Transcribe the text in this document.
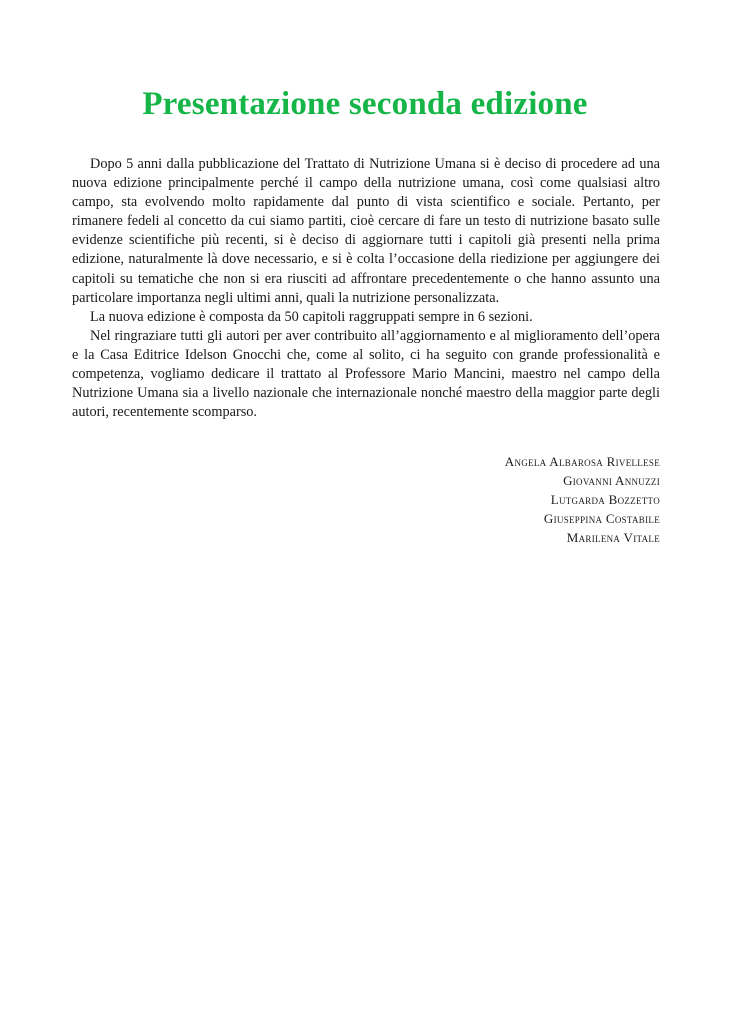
Presentazione seconda edizione

Dopo 5 anni dalla pubblicazione del Trattato di Nutrizione Umana si è deciso di procedere ad una nuova edizione principalmente perché il campo della nutrizione umana, così come qualsiasi altro campo, sta evolvendo molto rapidamente dal punto di vista scientifico e sociale. Pertanto, per rimanere fedeli al concetto da cui siamo partiti, cioè cercare di fare un testo di nutrizione basato sulle evidenze scientifiche più recenti, si è deciso di aggiornare tutti i capitoli già presenti nella prima edizione, naturalmente là dove necessario, e si è colta l’occasione della riedizione per aggiungere dei capitoli su tematiche che non si era riusciti ad affrontare precedentemente o che hanno assunto una particolare importanza negli ultimi anni, quali la nutrizione personalizzata.

La nuova edizione è composta da 50 capitoli raggruppati sempre in 6 sezioni.

Nel ringraziare tutti gli autori per aver contribuito all’aggiornamento e al miglioramento dell’opera e la Casa Editrice Idelson Gnocchi che, come al solito, ci ha seguito con grande professionalità e competenza, vogliamo dedicare il trattato al Professore Mario Mancini, maestro nel campo della Nutrizione Umana sia a livello nazionale che internazionale nonché maestro della maggior parte degli autori, recentemente scomparso.

Angela Albarosa Rivellese
Giovanni Annuzzi
Lutgarda Bozzetto
Giuseppina Costabile
Marilena Vitale
